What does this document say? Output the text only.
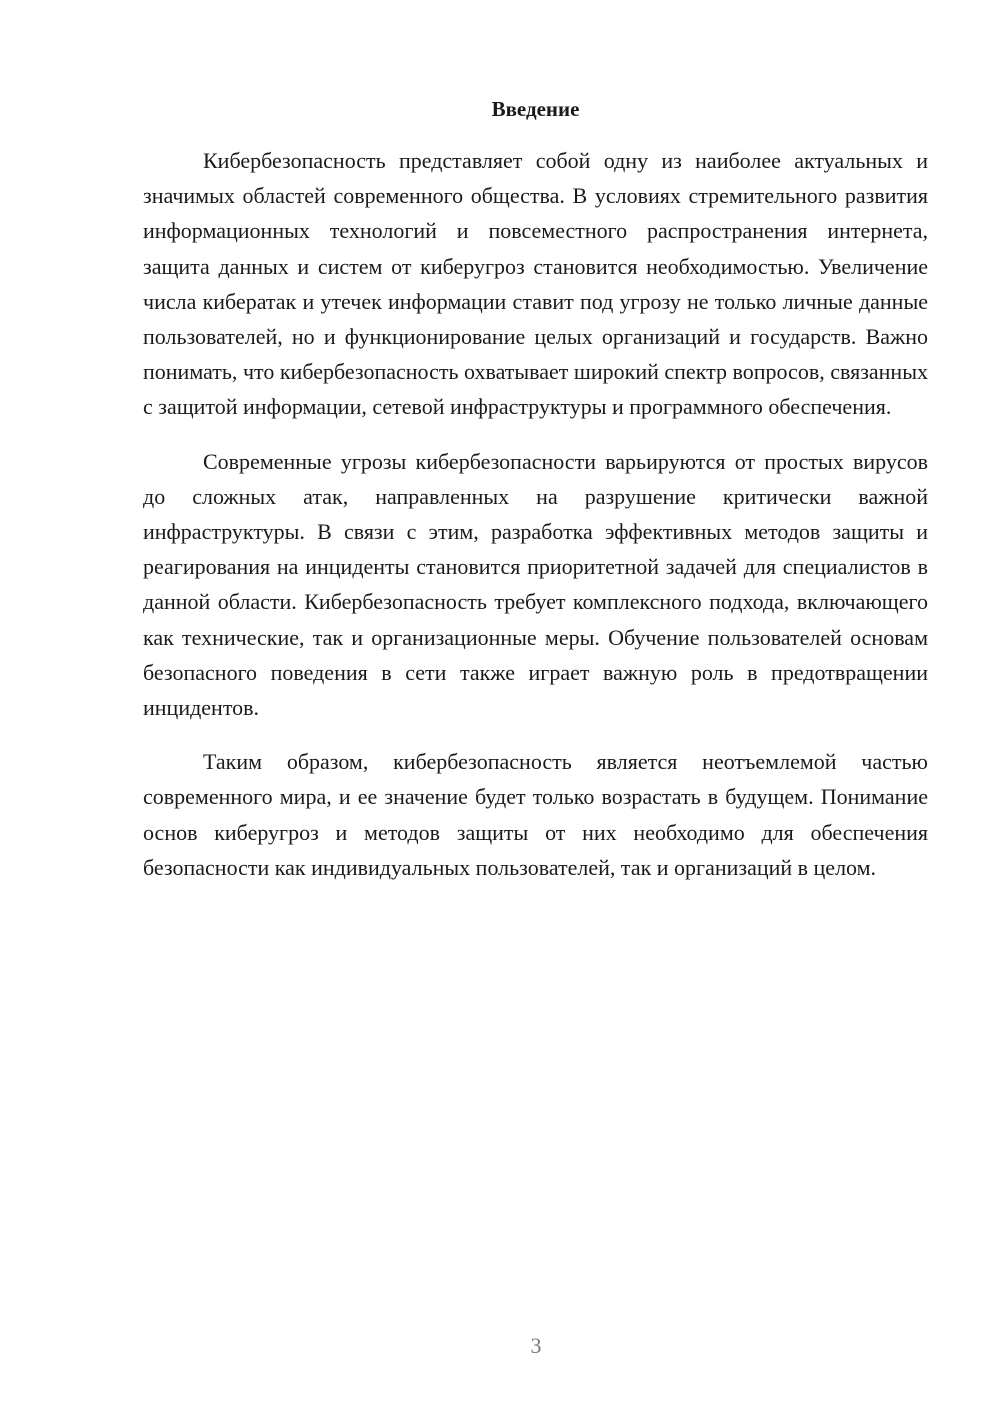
Введение

Кибербезопасность представляет собой одну из наиболее актуальных и значимых областей современного общества. В условиях стремительного развития информационных технологий и повсеместного распространения интернета, защита данных и систем от киберугроз становится необходимостью. Увеличение числа кибератак и утечек информации ставит под угрозу не только личные данные пользователей, но и функционирование целых организаций и государств. Важно понимать, что кибербезопасность охватывает широкий спектр вопросов, связанных с защитой информации, сетевой инфраструктуры и программного обеспечения.

Современные угрозы кибербезопасности варьируются от простых вирусов до сложных атак, направленных на разрушение критически важной инфраструктуры. В связи с этим, разработка эффективных методов защиты и реагирования на инциденты становится приоритетной задачей для специалистов в данной области. Кибербезопасность требует комплексного подхода, включающего как технические, так и организационные меры. Обучение пользователей основам безопасного поведения в сети также играет важную роль в предотвращении инцидентов.

Таким образом, кибербезопасность является неотъемлемой частью современного мира, и ее значение будет только возрастать в будущем. Понимание основ киберугроз и методов защиты от них необходимо для обеспечения безопасности как индивидуальных пользователей, так и организаций в целом.

3
